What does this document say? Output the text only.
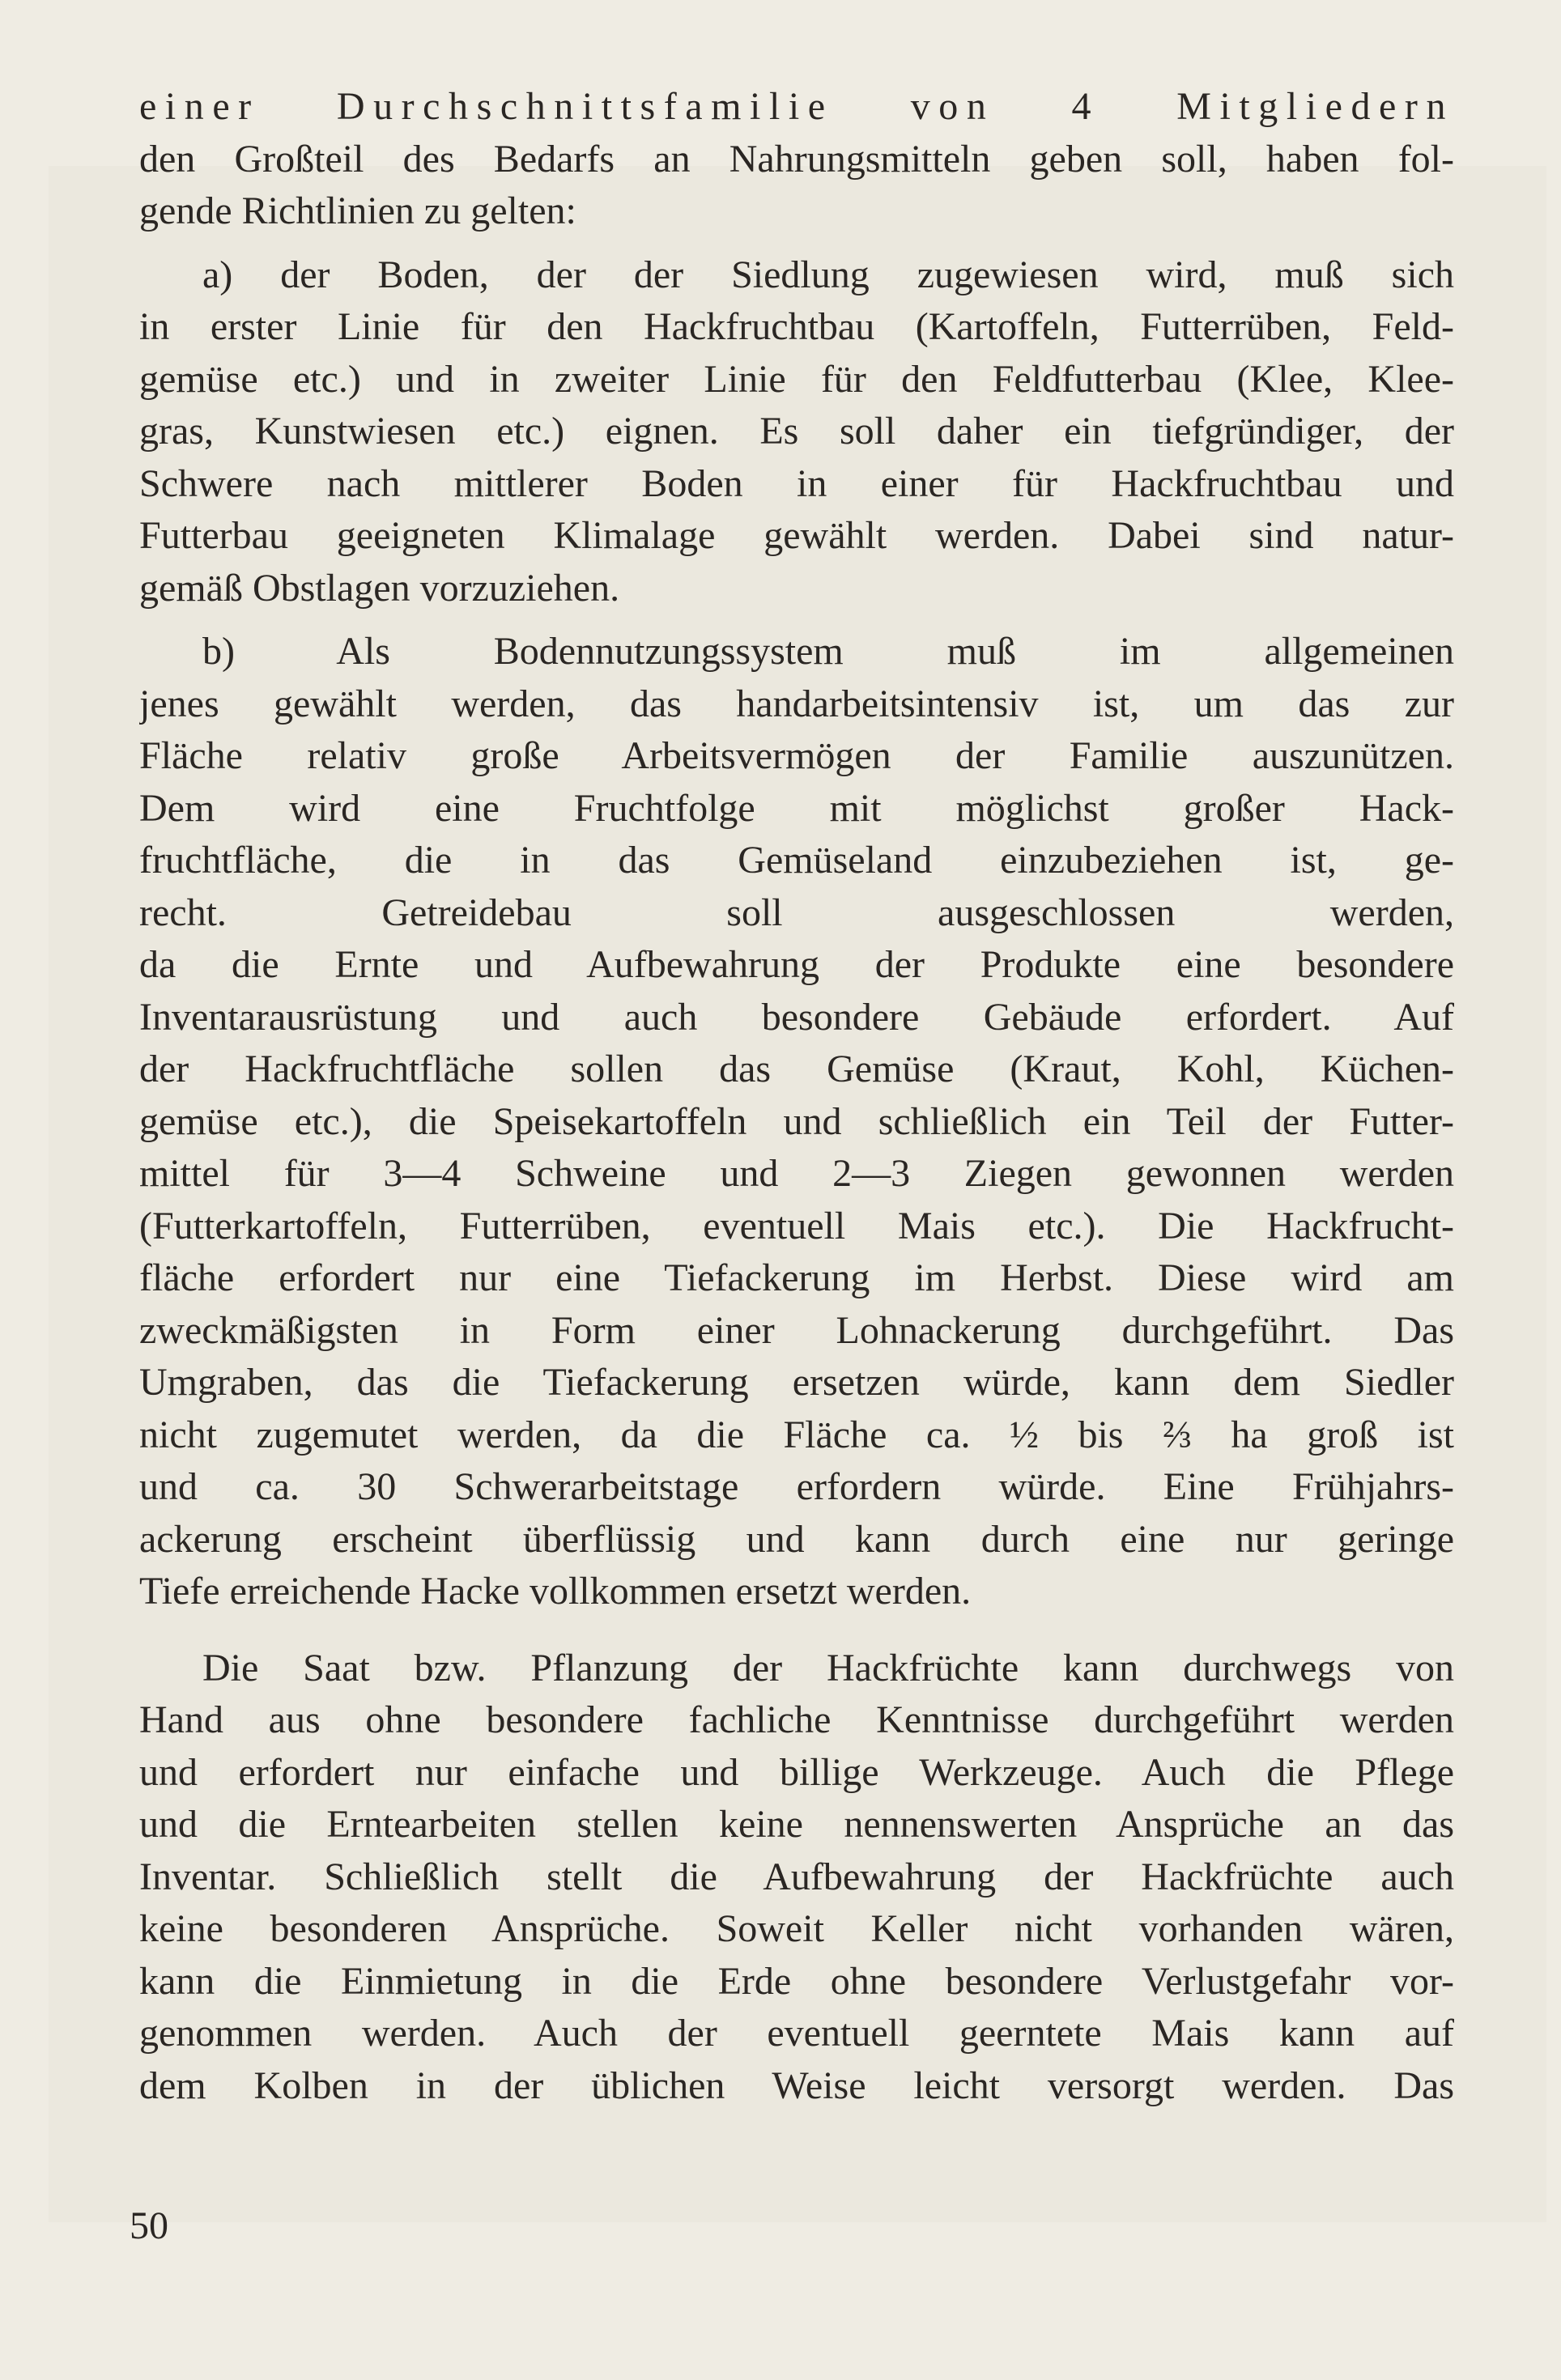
einer Durchschnittsfamilie von 4 Mitgliedern
den Großteil des Bedarfs an Nahrungsmitteln geben soll, haben fol-
gende Richtlinien zu gelten:
a) der Boden, der der Siedlung zugewiesen wird, muß sich
in erster Linie für den Hackfruchtbau (Kartoffeln, Futterrüben, Feld-
gemüse etc.) und in zweiter Linie für den Feldfutterbau (Klee, Klee-
gras, Kunstwiesen etc.) eignen. Es soll daher ein tiefgründiger, der
Schwere nach mittlerer Boden in einer für Hackfruchtbau und
Futterbau geeigneten Klimalage gewählt werden. Dabei sind natur-
gemäß Obstlagen vorzuziehen.
b) Als Bodennutzungssystem muß im allgemeinen
jenes gewählt werden, das handarbeitsintensiv ist, um das zur
Fläche relativ große Arbeitsvermögen der Familie auszunützen.
Dem wird eine Fruchtfolge mit möglichst großer Hack-
fruchtfläche, die in das Gemüseland einzubeziehen ist, ge-
recht. Getreidebau soll ausgeschlossen werden,
da die Ernte und Aufbewahrung der Produkte eine besondere
Inventarausrüstung und auch besondere Gebäude erfordert. Auf
der Hackfruchtfläche sollen das Gemüse (Kraut, Kohl, Küchen-
gemüse etc.), die Speisekartoffeln und schließlich ein Teil der Futter-
mittel für 3—4 Schweine und 2—3 Ziegen gewonnen werden
(Futterkartoffeln, Futterrüben, eventuell Mais etc.). Die Hackfrucht-
fläche erfordert nur eine Tiefackerung im Herbst. Diese wird am
zweckmäßigsten in Form einer Lohnackerung durchgeführt. Das
Umgraben, das die Tiefackerung ersetzen würde, kann dem Siedler
nicht zugemutet werden, da die Fläche ca. ½ bis ⅔ ha groß ist
und ca. 30 Schwerarbeitstage erfordern würde. Eine Frühjahrs-
ackerung erscheint überflüssig und kann durch eine nur geringe
Tiefe erreichende Hacke vollkommen ersetzt werden.
Die Saat bzw. Pflanzung der Hackfrüchte kann durchwegs von
Hand aus ohne besondere fachliche Kenntnisse durchgeführt werden
und erfordert nur einfache und billige Werkzeuge. Auch die Pflege
und die Erntearbeiten stellen keine nennenswerten Ansprüche an das
Inventar. Schließlich stellt die Aufbewahrung der Hackfrüchte auch
keine besonderen Ansprüche. Soweit Keller nicht vorhanden wären,
kann die Einmietung in die Erde ohne besondere Verlustgefahr vor-
genommen werden. Auch der eventuell geerntete Mais kann auf
dem Kolben in der üblichen Weise leicht versorgt werden. Das
50
